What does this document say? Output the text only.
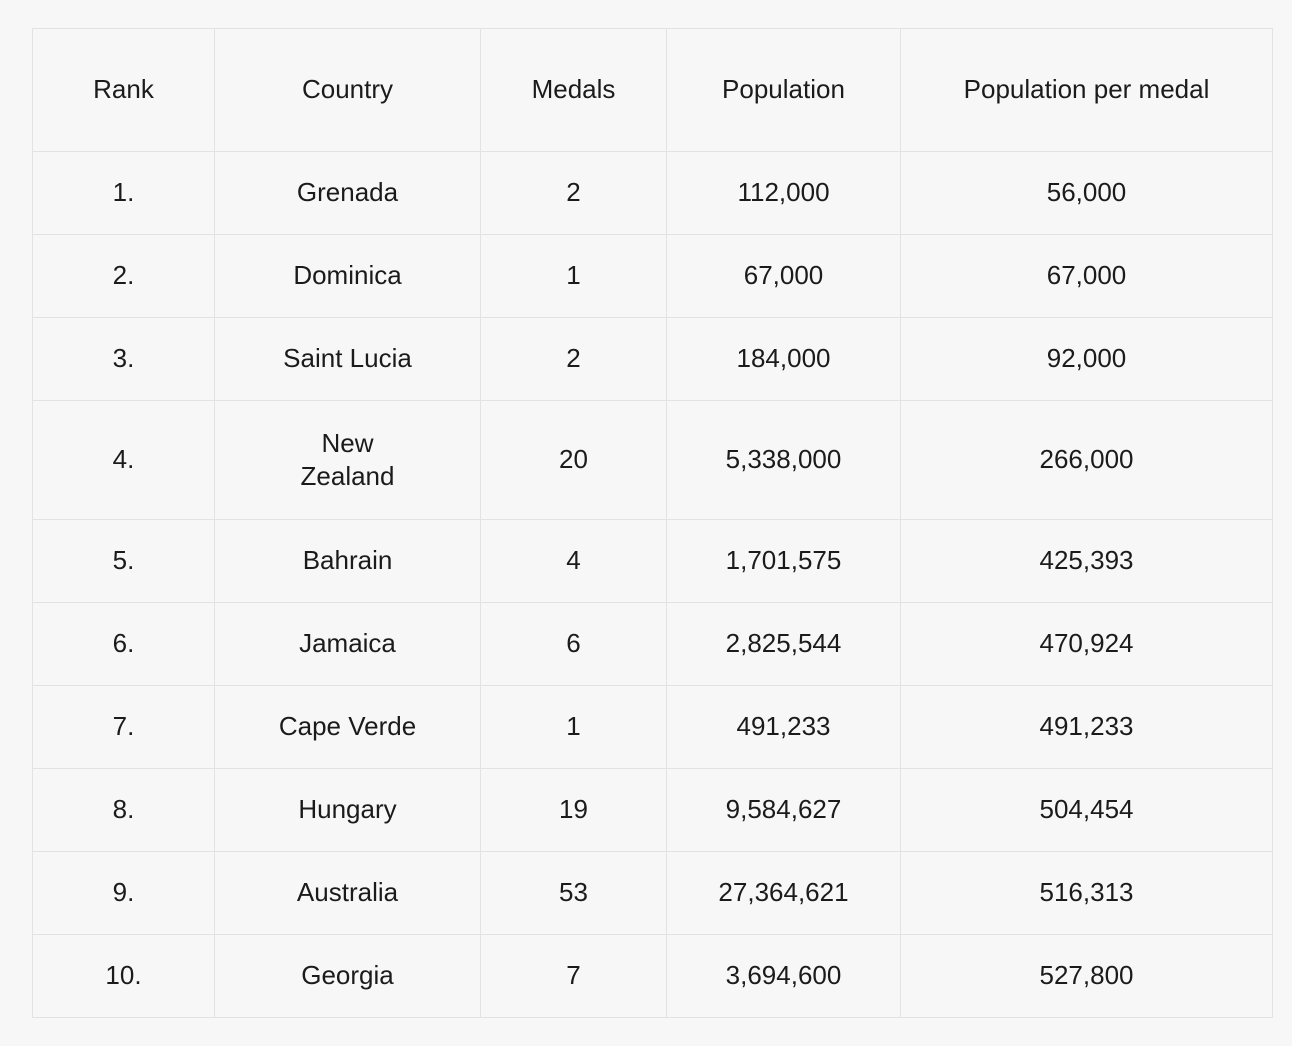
Rank	Country	Medals	Population	Population per medal
1.	Grenada	2	112,000	56,000
2.	Dominica	1	67,000	67,000
3.	Saint Lucia	2	184,000	92,000
4.	New Zealand	20	5,338,000	266,000
5.	Bahrain	4	1,701,575	425,393
6.	Jamaica	6	2,825,544	470,924
7.	Cape Verde	1	491,233	491,233
8.	Hungary	19	9,584,627	504,454
9.	Australia	53	27,364,621	516,313
10.	Georgia	7	3,694,600	527,800
